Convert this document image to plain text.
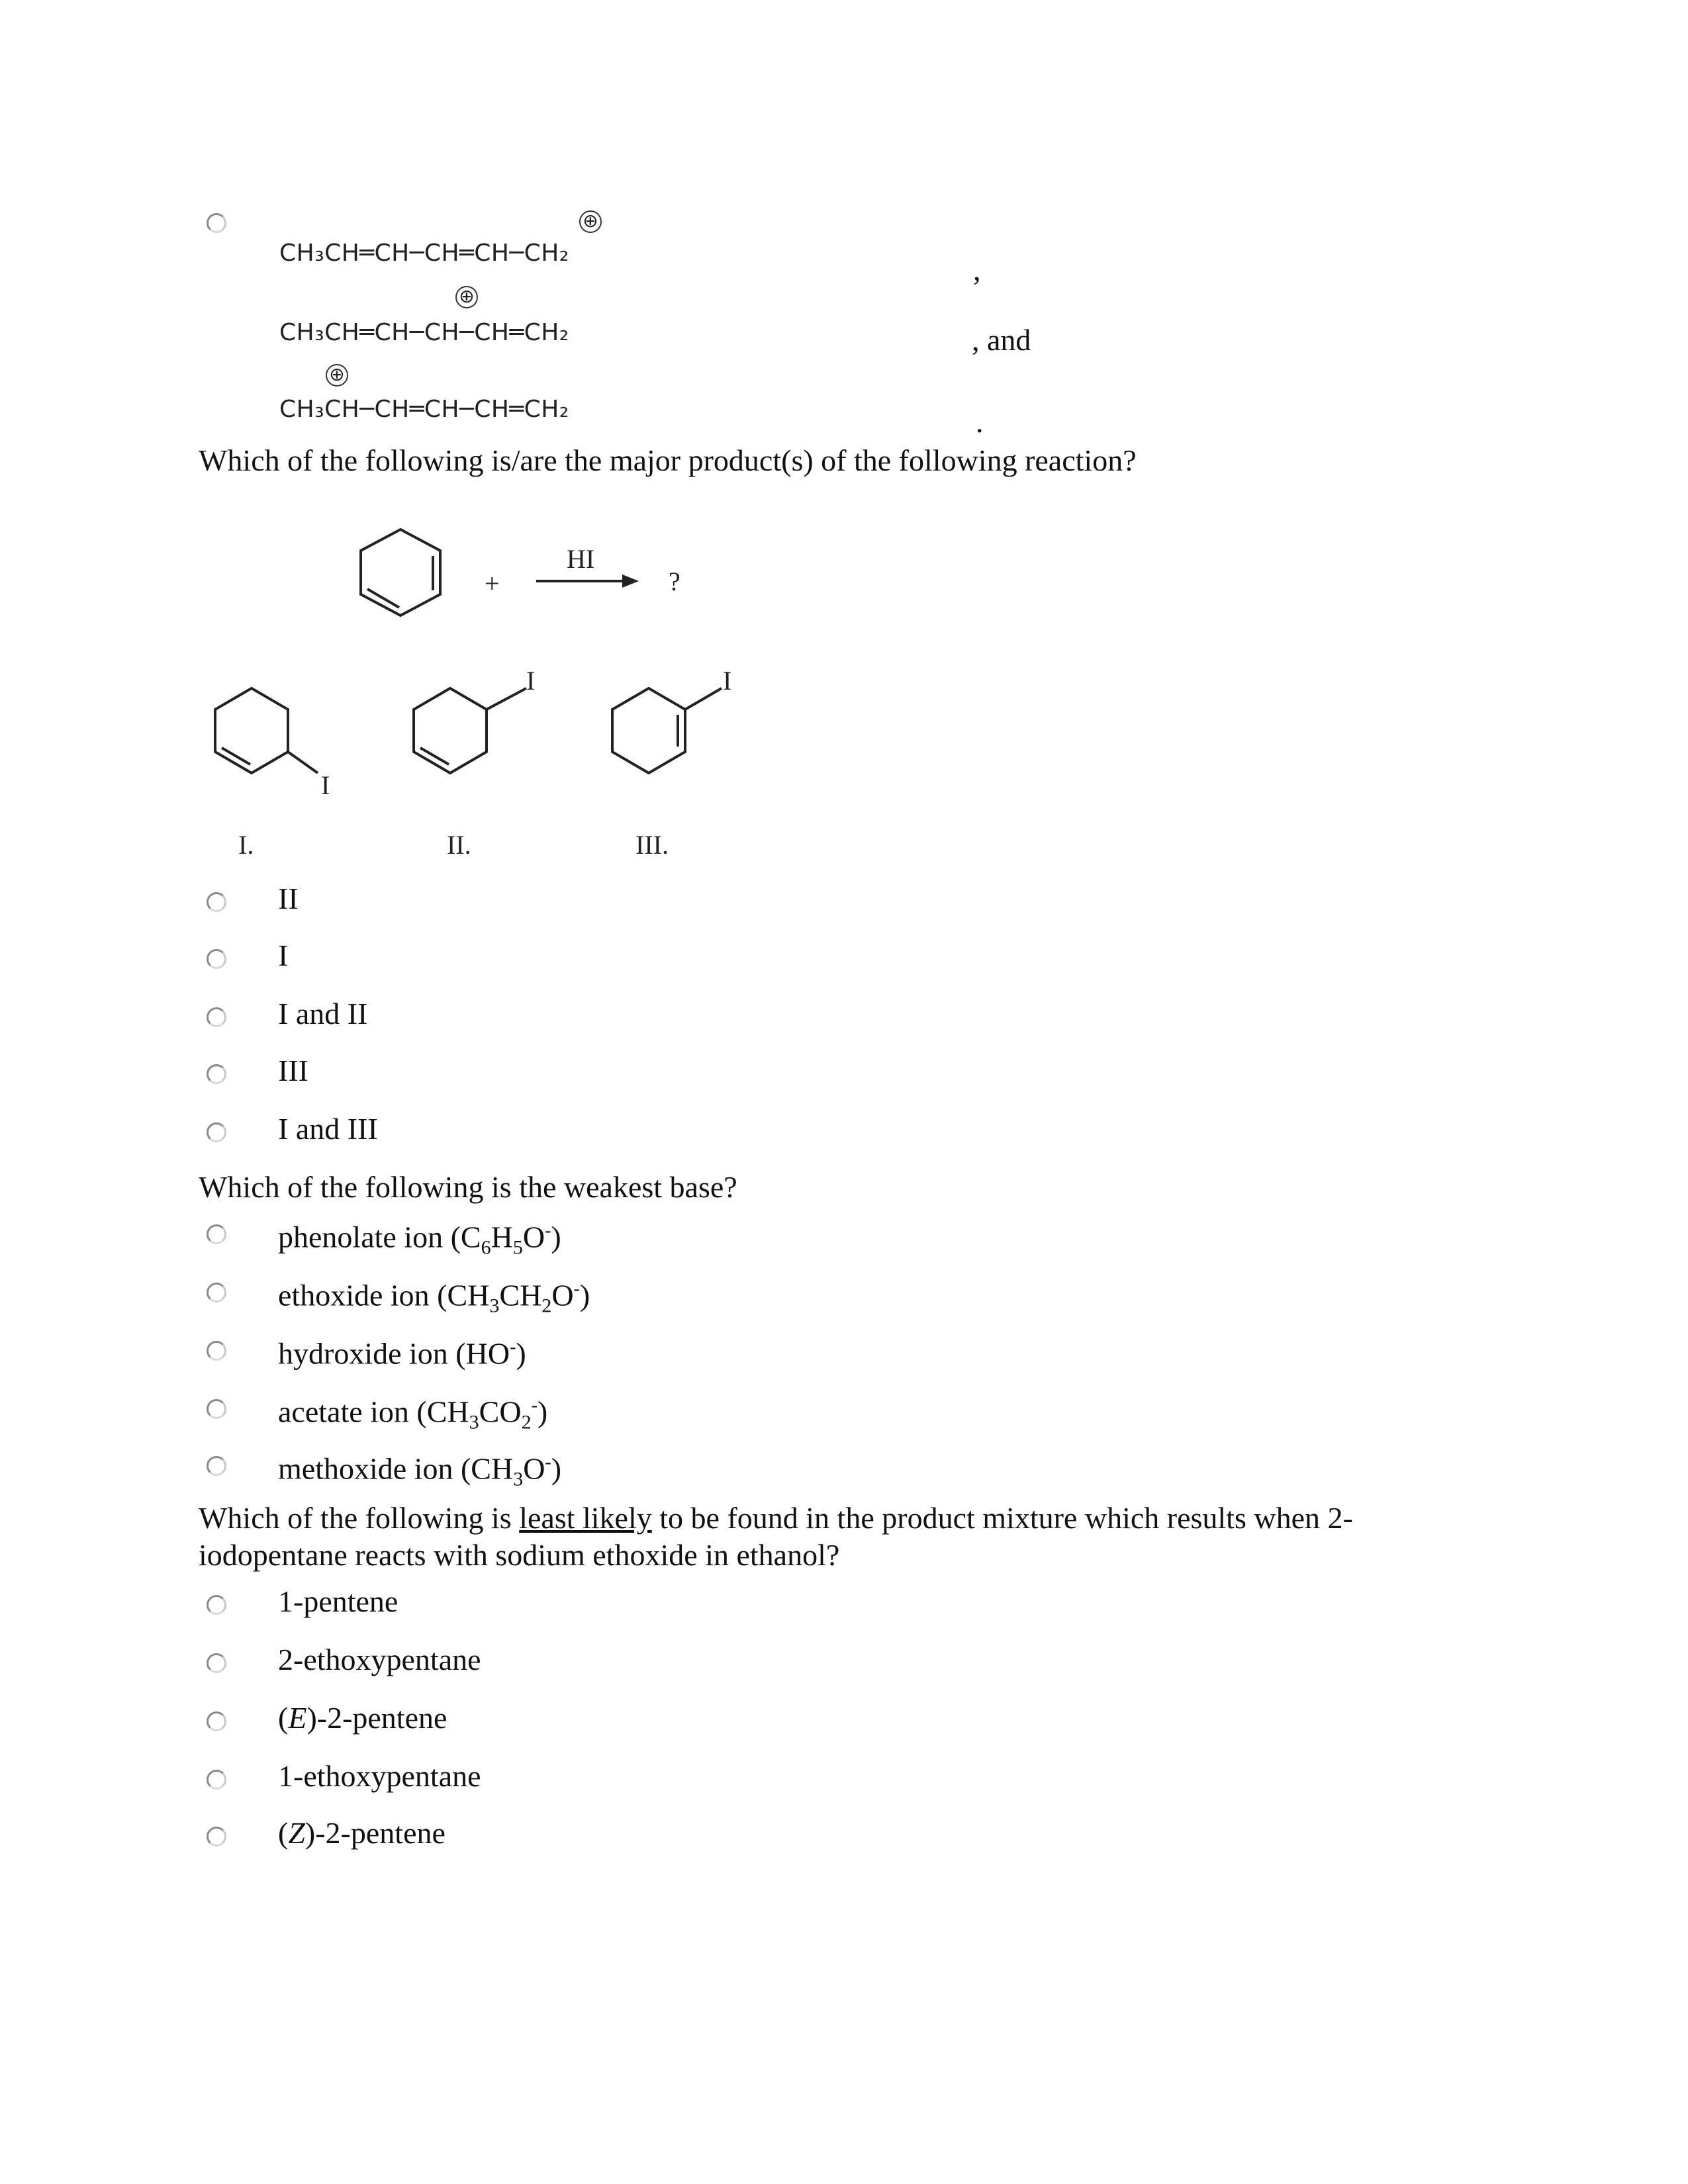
⊕
CH₃CH═CH─CH═CH─CH₂
⊕
CH₃CH═CH─CH─CH═CH₂
⊕
CH₃CH─CH═CH─CH═CH₂
,
, and
.
Which of the following is/are the major product(s) of the following reaction?
+
HI
?
I
I	I
I.	II.	III.
II
I
I and II
III
I and III
Which of the following is the weakest base?
phenolate ion $(C_6H_5O^-)$
ethoxide ion $(CH_3CH_2O^-)$
hydroxide ion (HO-)
acetate ion $(CH_3CO_2^-)$
methoxide ion $(CH_3O^-)$
Which of the following is least likely to be found in the product mixture which results when 2-iodopentane reacts with sodium ethoxide in ethanol?
1-pentene
2-ethoxypentane
(E)-2-pentene
1-ethoxypentane
(Z)-2-pentene
